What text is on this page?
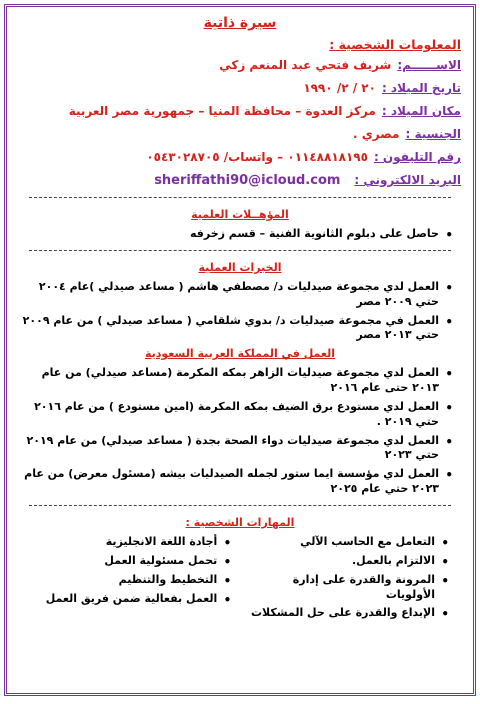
سيرة ذاتية
المعلومات الشخصية :
الاســــــم:
شريف فتحي عبد المنعم زكي
تاريخ الميلاد :
٢٠ / ٢/ ١٩٩٠
مكان الميلاد :
مركز العدوة – محافظة المنيا – جمهورية مصر العربية
الجنسية :
مصري .
رقم التليفون :
٠١١٤٨٨١٨١٩٥ – واتساب/ ٠٥٤٣٠٢٨٧٠٥
البريد الالكتروني :
sheriffathi90@icloud.com
المؤهــلات العلمية
• حاصل على دبلوم الثانوية الفنية – قسم زخرفه
الخبرات العملية
• العمل لدي مجموعة صيدليات د/ مصطفي هاشم ( مساعد صيدلي )عام ٢٠٠٤ حتي ٢٠٠٩ مصر
• العمل في مجموعة صيدليات د/ بدوي شلقامي ( مساعد صيدلي ) من عام ٢٠٠٩ حتي ٢٠١٣ مصر
العمل في المملكة العربية السعودية
• العمل لدي مجموعة صيدليات الزاهر بمكه المكرمة (مساعد صيدلي) من عام ٢٠١٣ حتى عام ٢٠١٦
• العمل لدي مستودع برق الضيف بمكه المكرمة (امين مستودع ) من عام ٢٠١٦ حتي ٢٠١٩ .
• العمل لدي مجموعة صيدليات دواء الصحة بجدة ( مساعد صيدلي) من عام ٢٠١٩ حتي ٢٠٢٣
• العمل لدي مؤسسة ايما ستور لجمله الصيدليات بيشه (مسئول معرض) من عام ٢٠٢٣ حتي عام ٢٠٢٥
المهارات الشخصية :
• التعامل مع الحاسب الآلي
• الالتزام بالعمل.
• المرونة والقدرة على إدارة الأولويات
• الإبداع والقدرة على حل المشكلات
• أجادة اللغة الانجليزية
• تحمل مسئولية العمل
• التخطيط والتنظيم
• العمل بفعالية ضمن فريق العمل
